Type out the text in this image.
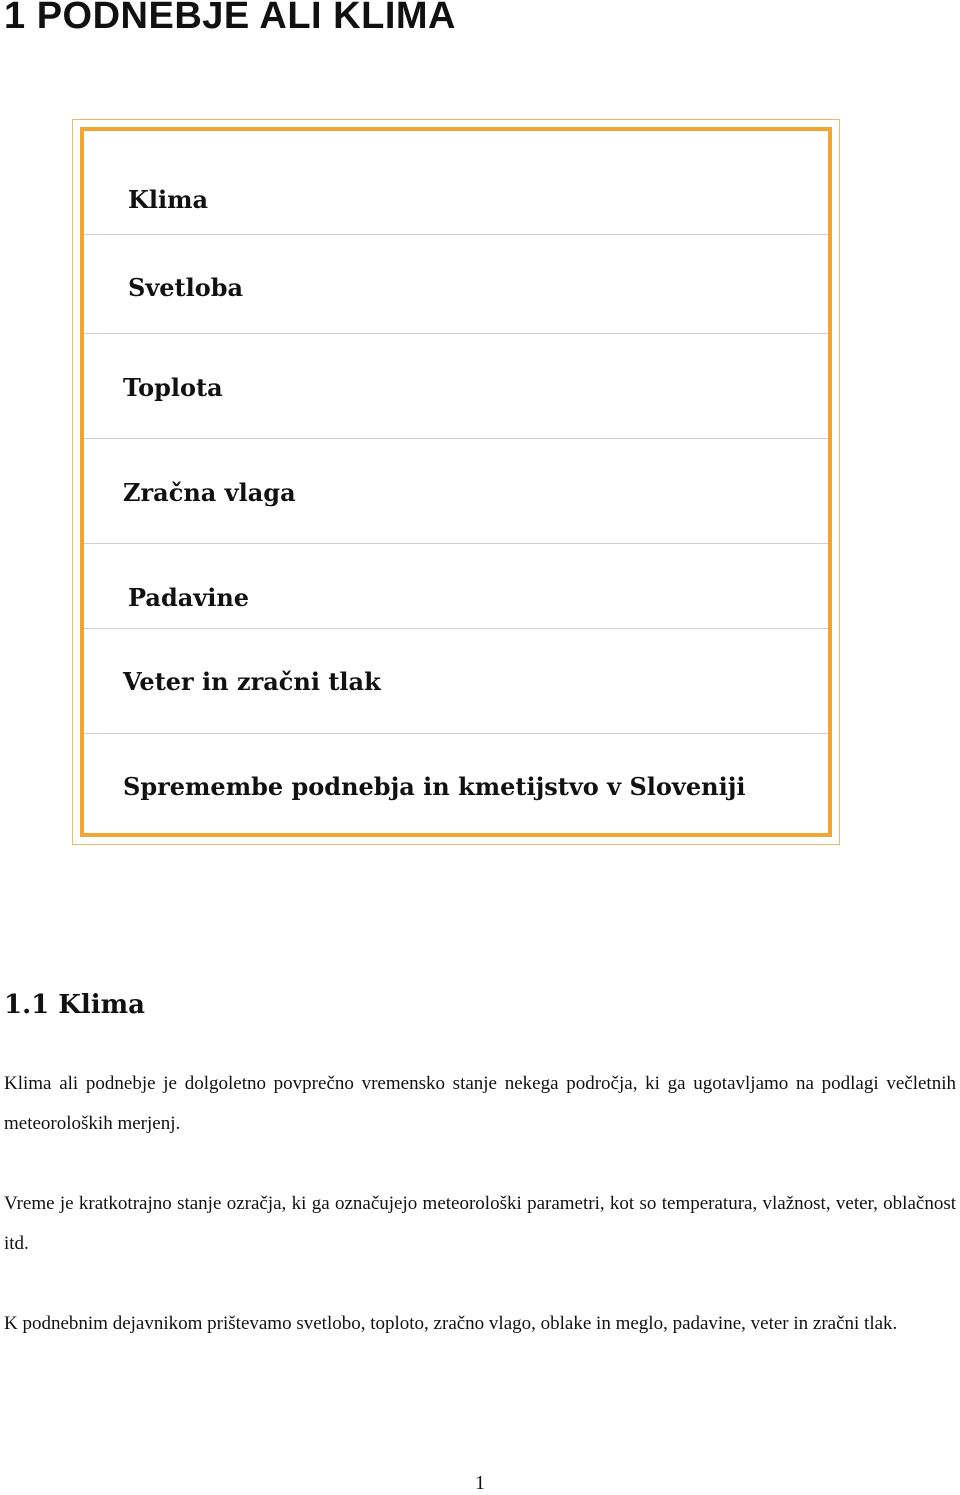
1 PODNEBJE ALI KLIMA
Klima
Svetloba
Toplota
Zračna vlaga
Padavine
Veter in zračni tlak
Spremembe podnebja in kmetijstvo v Sloveniji
1.1 Klima

Klima ali podnebje je dolgoletno povprečno vremensko stanje nekega področja, ki ga ugotavljamo na podlagi večletnih meteoroloških merjenj.

Vreme je kratkotrajno stanje ozračja, ki ga označujejo meteorološki parametri, kot so temperatura, vlažnost, veter, oblačnost itd.

K podnebnim dejavnikom prištevamo svetlobo, toploto, zračno vlago, oblake in meglo, padavine, veter in zračni tlak.

1
